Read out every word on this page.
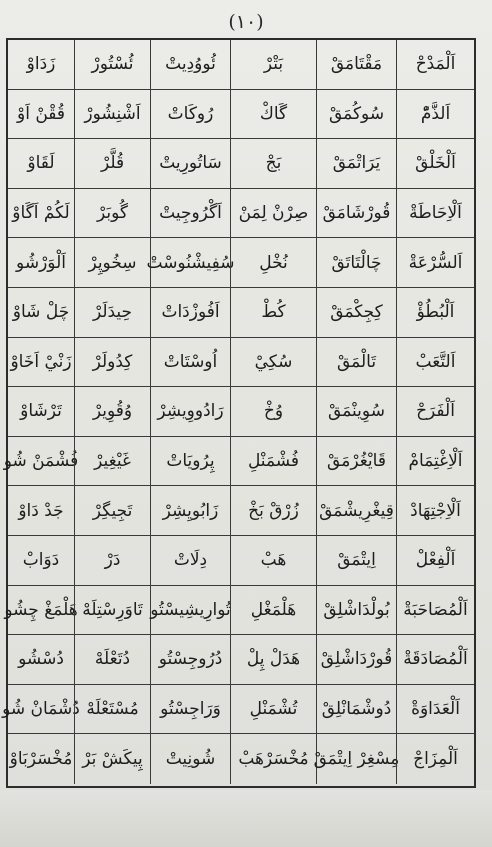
(١٠)
اَلْمَدْحْ
مَقْتَامَقْ
بَتْرْ
ئُووُدِيتْ
ئُسْتُورْ
زَدَاوْ
اَلذَّمّْ
سُوكُمَقْ
گَاكْ
رُوكَاتْ
اَشْنِشُورْ
قُقْنْ اَوْ
اَلْخَلْقْ
يَرَاتْمَقْ
بَجْ
سَاتُورِيتْ
قُلَّرْ
لَقَاوْ
اَلْاِحَاطَةْ
قُورْشَامَقْ
صِرْنْ لِمَنْ
اَگْرُوجِيتْ
گُوبَرْ
لَكُمْ اَگَاوْ
اَلسُّرْعَةْ
چَالْتَاتَقْ
نُخْلِ
سُفِيشْنُوسْتْ
سِخُوپِرْ
اَلْوَرْشُو
اَلْبُطُؤْ
كِجِكْمَقْ
كُطْ
اَفُوزْدَاتْ
حِيدَلَرْ
چَلْ شَاوْ
اَلتَّعَبْ
تَالْمَقْ
سُكِيْ
اُوسْتَاتْ
كِدُولَرْ
زَنْيْ اَخَاوْ
اَلْفَرَحْ
سُوِينْمَقْ
وُخْ
رَادُووِيشِرْ
وُقُوِيرْ
تَرْشَاوْ
اَلْاِغْتِمَامْ
قَايْغُرْمَقْ
فُشْمَنْلِ
پِرُويَاتْ
غَيْغِيرْ
فُشْمَنْ شُو
اَلْاِجْتِهَادْ
قِيغْرِيشْمَقْ
زُرْقْ بَخْ
زَابُويِشِرْ
تَجِيگِرْ
جَدْ دَاوْ
اَلْفِعْلْ
اِيتْمَقْ
هَبْ
دِلَاتْ
دَرْ
دَوَابْ
اَلْمُصَاحَبَةْ
بُولْدَاشْلِقْ
هَلْمَغْلِ
تُوارِيشِيسْتُو
تَاوَرِسْتِلَهْ
هَلْمَغْ چِشُو
اَلْمُصَادَقَةْ
قُورْدَاشْلِقْ
هَدَلْ پِلْ
دُرُوجِسْتُو
دُتَعْلَهْ
دُسْشُو
اَلْعَدَاوَةْ
دُوشْمَانْلِقْ
تُشْمَنْلِ
وَرَاجِسْتُو
مُسْتَعْلَهْ
دُشْمَانْ شُو
اَلْمِزَاجْ
مِسْغِرْ اِيتْمَقْ
مُخْسَرْهَبْ
شُونِيتْ
پِيكَشْ بَرْ
مُخْسَرْبَاوْ
